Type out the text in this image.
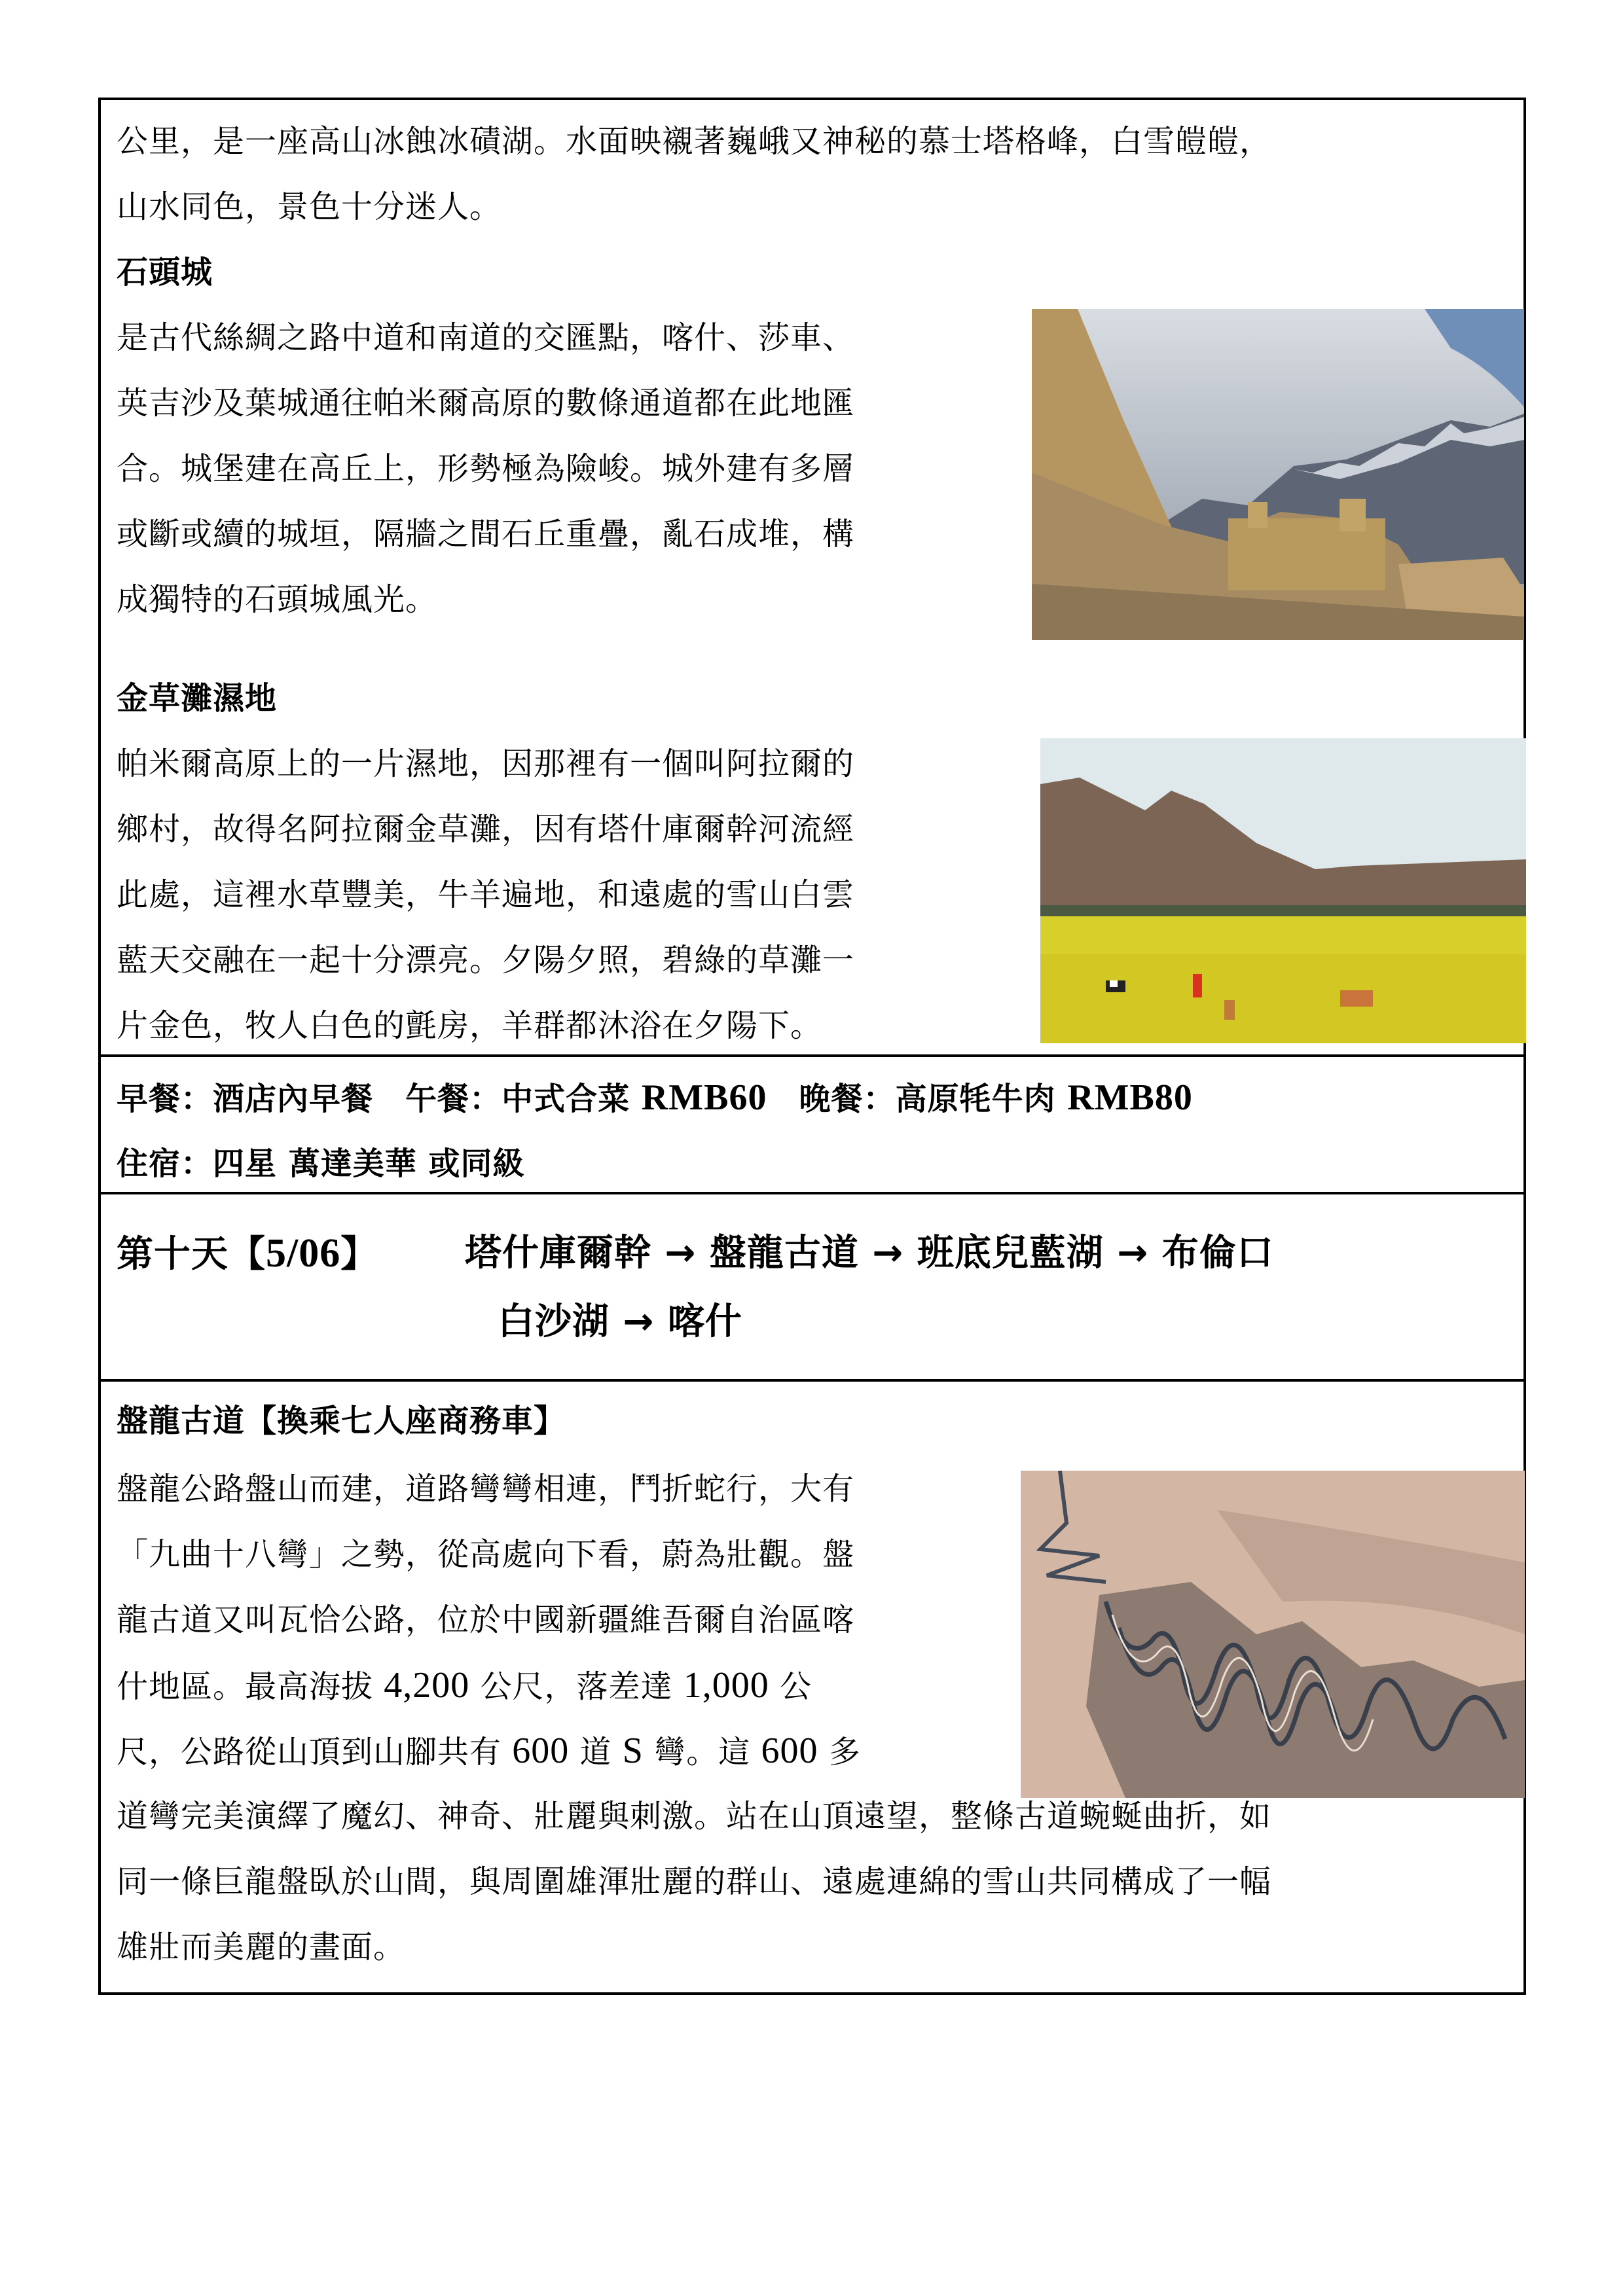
公里，是一座高山冰蝕冰磧湖。水面映襯著巍峨又神秘的慕士塔格峰，白雪皚皚，
山水同色，景色十分迷人。
石頭城
是古代絲綢之路中道和南道的交匯點，喀什、莎車、
英吉沙及葉城通往帕米爾高原的數條通道都在此地匯
合。城堡建在高丘上，形勢極為險峻。城外建有多層
或斷或續的城垣，隔牆之間石丘重疊，亂石成堆，構
成獨特的石頭城風光。
金草灘濕地
帕米爾高原上的一片濕地，因那裡有一個叫阿拉爾的
鄉村，故得名阿拉爾金草灘，因有塔什庫爾幹河流經
此處，這裡水草豐美，牛羊遍地，和遠處的雪山白雲
藍天交融在一起十分漂亮。夕陽夕照，碧綠的草灘一
片金色，牧人白色的氈房，羊群都沐浴在夕陽下。
早餐：酒店內早餐　 午餐：中式合菜 RMB60　 晚餐：高原牦牛肉 RMB80
住宿：四星 萬達美華 或同級
第十天【5/06】 塔什庫爾幹 → 盤龍古道 → 班底兒藍湖 → 布倫口
白沙湖 → 喀什
盤龍古道【換乘七人座商務車】
盤龍公路盤山而建，道路彎彎相連，鬥折蛇行，大有
「九曲十八彎」之勢，從高處向下看，蔚為壯觀。盤
龍古道又叫瓦恰公路，位於中國新疆維吾爾自治區喀
什地區。最高海拔 4,200 公尺，落差達 1,000 公
尺，公路從山頂到山腳共有 600 道 S 彎。這 600 多
道彎完美演繹了魔幻、神奇、壯麗與刺激。站在山頂遠望，整條古道蜿蜒曲折，如
同一條巨龍盤臥於山間，與周圍雄渾壯麗的群山、遠處連綿的雪山共同構成了一幅
雄壯而美麗的畫面。
